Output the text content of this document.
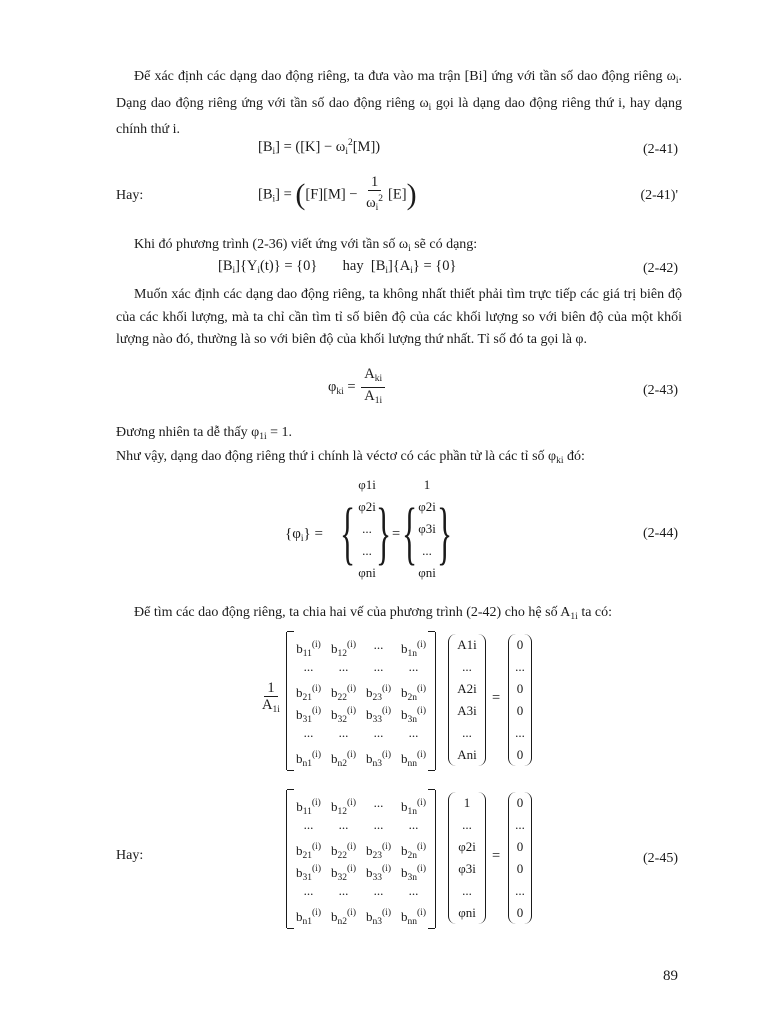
Để xác định các dạng dao động riêng, ta đưa vào ma trận [Bi] ứng với tần số dao động riêng $\omega_i$. Dạng dao động riêng ứng với tần số dao động riêng $\omega_i$ gọi là dạng dao động riêng thứ i, hay dạng chính thứ i.

$[B_i] = ([K] - \omega_i^2[M])$	(2-41)
Hay:	$[B_i] = ([F][M] - \frac{1}{\omega_i^2} [E])$	(2-41)'

Khi đó phương trình (2-36) viết ứng với tần số $\omega_i$ sẽ có dạng:

$[B_i]\{Y_i(t)\} = \{0\}$       hay  $[B_i]\{A_i\} = \{0\}$	(2-42)

Muốn xác định các dạng dao động riêng, ta không nhất thiết phải tìm trực tiếp các giá trị biên độ của các khối lượng, mà ta chỉ cần tìm tỉ số biên độ của các khối lượng so với biên độ của một khối lượng nào đó, thường là so với biên độ của khối lượng thứ nhất. Tỉ số đó ta gọi là φ.

$\varphi_{ki} = \frac{A_{ki}}{A_{1i}}$	(2-43)

Đương nhiên ta dễ thấy $\varphi_{1i} = 1$.

Như vậy, dạng dao động riêng thứ i chính là véctơ có các phần tử là các tỉ số $\varphi_{ki}$ đó:

$\{\varphi_i\}$ = {
φ1i
φ2i
...
...
φni
} = {
1
φ2i
φ3i
...
φni
}	(2-44)

Để tìm các dao động riêng, ta chia hai vế của phương trình (2-42) cho hệ số $A_{1i}$ ta có:

$\frac{1}{A_{1i}}$
$b_{11}^{(i)}$ $b_{12}^{(i)}$	...	$b_{1n}^{(i)}$
...	...	...	...
$b_{21}^{(i)}$ $b_{22}^{(i)}$ $b_{23}^{(i)}$ $b_{2n}^{(i)}$
$b_{31}^{(i)}$ $b_{32}^{(i)}$ $b_{33}^{(i)}$ $b_{3n}^{(i)}$
...	...	...	...
$b_{n1}^{(i)}$ $b_{n2}^{(i)}$ $b_{n3}^{(i)}$ $b_{nn}^{(i)}$
A1i
...
A2i
A3i
...
Ani
=
0
...
0
0
...
0
Hay:
$b_{11}^{(i)}$ $b_{12}^{(i)}$	...	$b_{1n}^{(i)}$
...	...	...	...
$b_{21}^{(i)}$ $b_{22}^{(i)}$ $b_{23}^{(i)}$ $b_{2n}^{(i)}$
$b_{31}^{(i)}$ $b_{32}^{(i)}$ $b_{33}^{(i)}$ $b_{3n}^{(i)}$
...	...	...	...
$b_{n1}^{(i)}$ $b_{n2}^{(i)}$ $b_{n3}^{(i)}$ $b_{nn}^{(i)}$
1
...
φ2i
φ3i
...
φni
=
0
...
0
0
...
0
(2-45)
89
